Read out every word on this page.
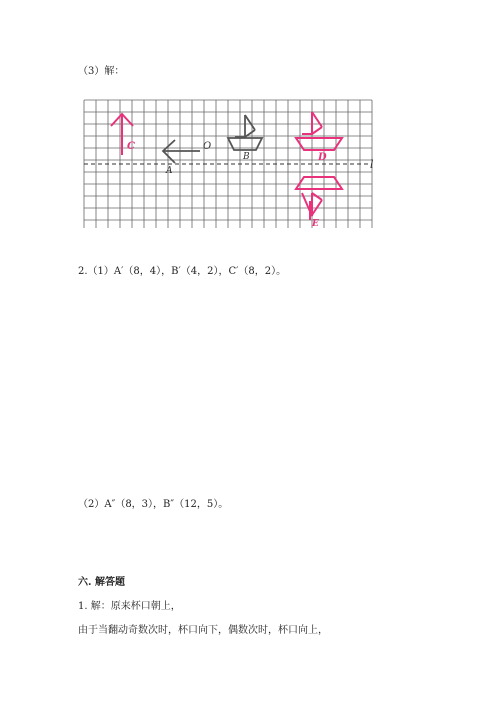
（3）解：
C	O
A
B	D
E
l
2.（1）A′（8，4），B′（4，2），C′（8，2）。
（2）A″（8，3），B″（12，5）。
六. 解答题
1. 解：原来杯口朝上，
由于当翻动奇数次时，杯口向下，偶数次时，杯口向上，
